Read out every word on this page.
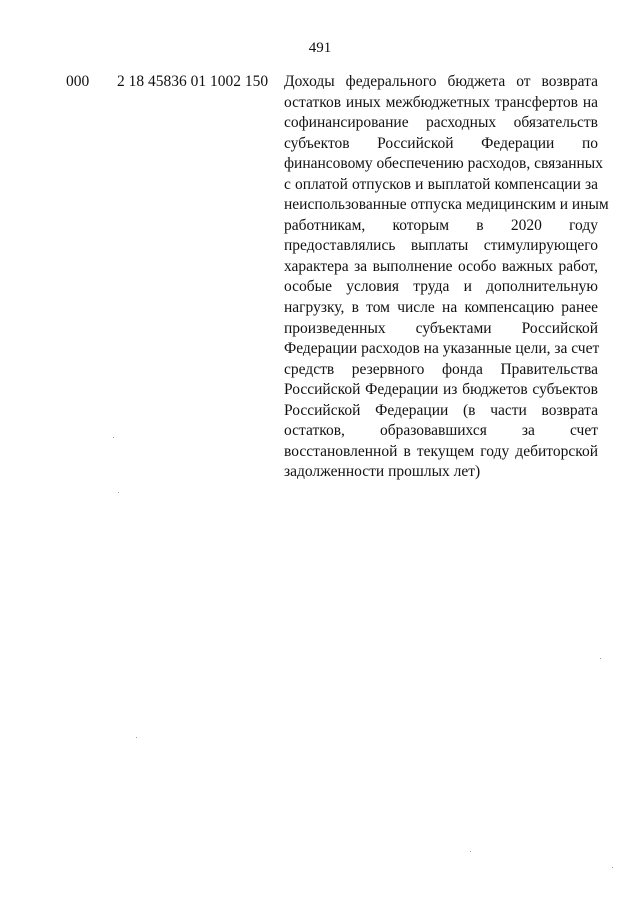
491
000 2 18 45836 01 1002 150 Доходы федерального бюджета от возврата
остатков иных межбюджетных трансфертов на
софинансирование расходных обязательств
субъектов Российской Федерации по
финансовому обеспечению расходов, связанных
с оплатой отпусков и выплатой компенсации за
неиспользованные отпуска медицинским и иным
работникам, которым в 2020 году
предоставлялись выплаты стимулирующего
характера за выполнение особо важных работ,
особые условия труда и дополнительную
нагрузку, в том числе на компенсацию ранее
произведенных субъектами Российской
Федерации расходов на указанные цели, за счет
средств резервного фонда Правительства
Российской Федерации из бюджетов субъектов
Российской Федерации (в части возврата
остатков, образовавшихся за счет
восстановленной в текущем году дебиторской
задолженности прошлых лет)
